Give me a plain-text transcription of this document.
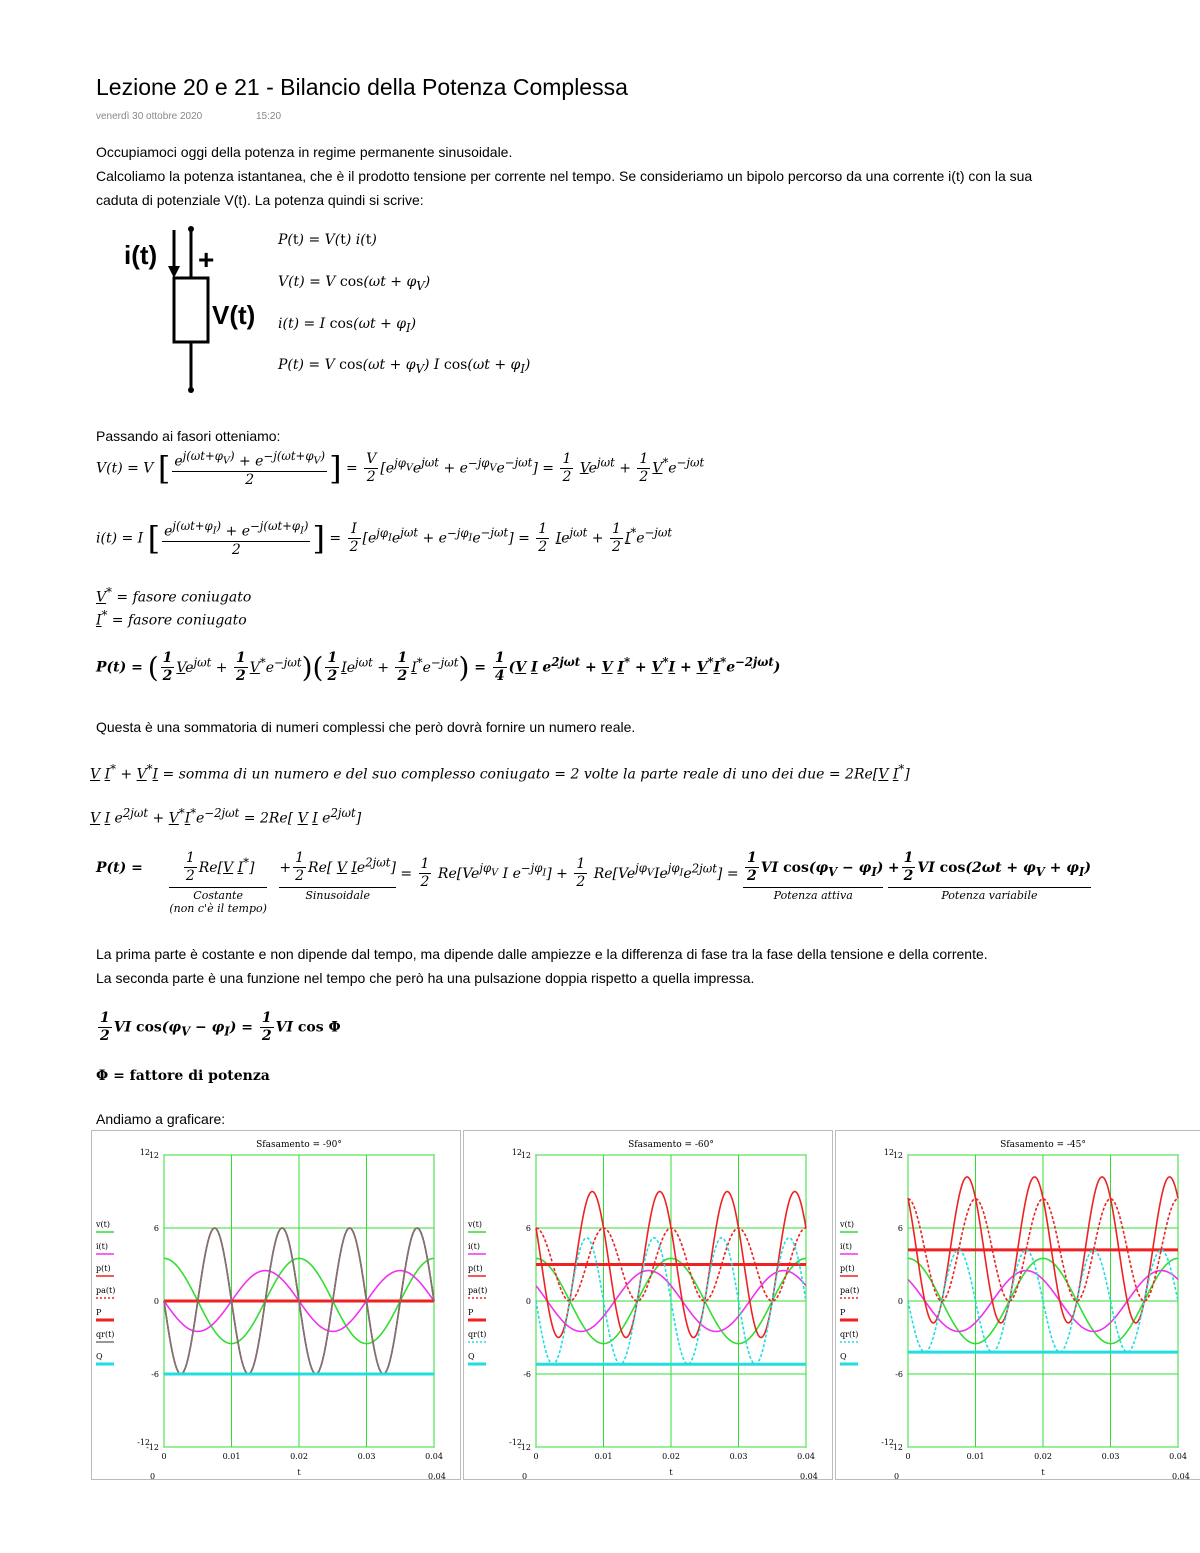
Lezione 20 e 21 - Bilancio della Potenza Complessa
venerdì 30 ottobre 2020	15:20
Occupiamoci oggi della potenza in regime permanente sinusoidale.
Calcoliamo la potenza istantanea, che è il prodotto tensione per corrente nel tempo. Se consideriamo un bipolo percorso da una corrente i(t) con la sua
caduta di potenziale V(t). La potenza quindi si scrive:
i(t) +
V(t)
P(t) = V(t) i(t)
V(t) = V $\cos(\omega t + \varphi_V)$
i(t) = I $\cos(\omega t + \varphi_I)$
P(t) = V $\cos(\omega t + \varphi_V)$ I $\cos(\omega t + \varphi_I)$
Passando ai fasori otteniamo:
V(t) = V [ $\frac{e^{j(\omega t+\varphi_V)} + e^{-j(\omega t+\varphi_V)}}{2}$ ] = $\frac{V}{2} [e^{j\varphi_V}e^{j\omega t} + e^{-j\varphi_V}e^{-j\omega t}] = \frac{1}{2} Ve^{j\omega t} + \frac{1}{2} V^*e^{-j\omega t}$
i(t) = I [ $\frac{e^{j(\omega t+\varphi_I)} + e^{-j(\omega t+\varphi_I)}}{2}$ ] = $\frac{I}{2} [e^{j\varphi_I}e^{j\omega t} + e^{-j\varphi_I}e^{-j\omega t}] = \frac{1}{2} Ie^{j\omega t} + \frac{1}{2} I^*e^{-j\omega t}$
V* = fasore coniugato
I* = fasore coniugato
P(t) = ( $\frac{1}{2} Ve^{j\omega t} + \frac{1}{2} V^*e^{-j\omega t})( \frac{1}{2} Ie^{j\omega t} + \frac{1}{2} I^*e^{-j\omega t}) = \frac{1}{4} (V$ I $e^{2j\omega t} + V$ $I^* + V^*I + V^*I^*e^{-2j\omega t}$)
Questa è una sommatoria di numeri complessi che però dovrà fornire un numero reale.
V I* + V*I = somma di un numero e del suo complesso coniugato = 2 volte la parte reale di uno dei due = 2Re[V I*]
V I $e^{2j\omega t} + V^*I^*e^{-2j\omega t} = 2Re$[ V I $e^{2j\omega t}$]
P(t) =	$\frac{1}{2} Re[V$ I*]
Costante
(non c'è il tempo)
+ $\frac{1}{2} Re$[ V $Ie^{2j\omega t}$]
Sinusoidale
= $\frac{1}{2} Re[Ve^{j\varphi_V}$ I $e^{-j\varphi_I}] + \frac{1}{2} Re[Ve^{j\varphi_V}Ie^{j\varphi_I}e^{2j\omega t}] = \frac{1}{2}$ VI $\cos(\varphi_V - \varphi_I)$
Potenza attiva
+ $\frac{1}{2}$ VI $\cos(2\omega t + \varphi_V + \varphi_I)$
Potenza variabile
La prima parte è costante e non dipende dal tempo, ma dipende dalle ampiezze e la differenza di fase tra la fase della tensione e della corrente.
La seconda parte è una funzione nel tempo che però ha una pulsazione doppia rispetto a quella impressa.
$\frac{1}{2}$ VI $\cos(\varphi_V - \varphi_I) = \frac{1}{2}$ VI cos Φ
Φ = fattore di potenza
Andiamo a graficare:
Sfasamento = -90°
0	0.01	0.02	0.03	0.04
12
6
0
-6
-12
12
-12
t
0	0.04
v(t)
i(t)
p(t)
pa(t)
P
qr(t)
Q
Sfasamento = -60°
0	0.01	0.02	0.03	0.04
12
6
0
-6
-12
12
-12
t
0	0.04
v(t)
i(t)
p(t)
pa(t)
P
qr(t)
Q
Sfasamento = -45°
0	0.01	0.02	0.03	0.04
12
6
0
-6
-12
12
-12
t
0	0.04
v(t)
i(t)
p(t)
pa(t)
P
qr(t)
Q
